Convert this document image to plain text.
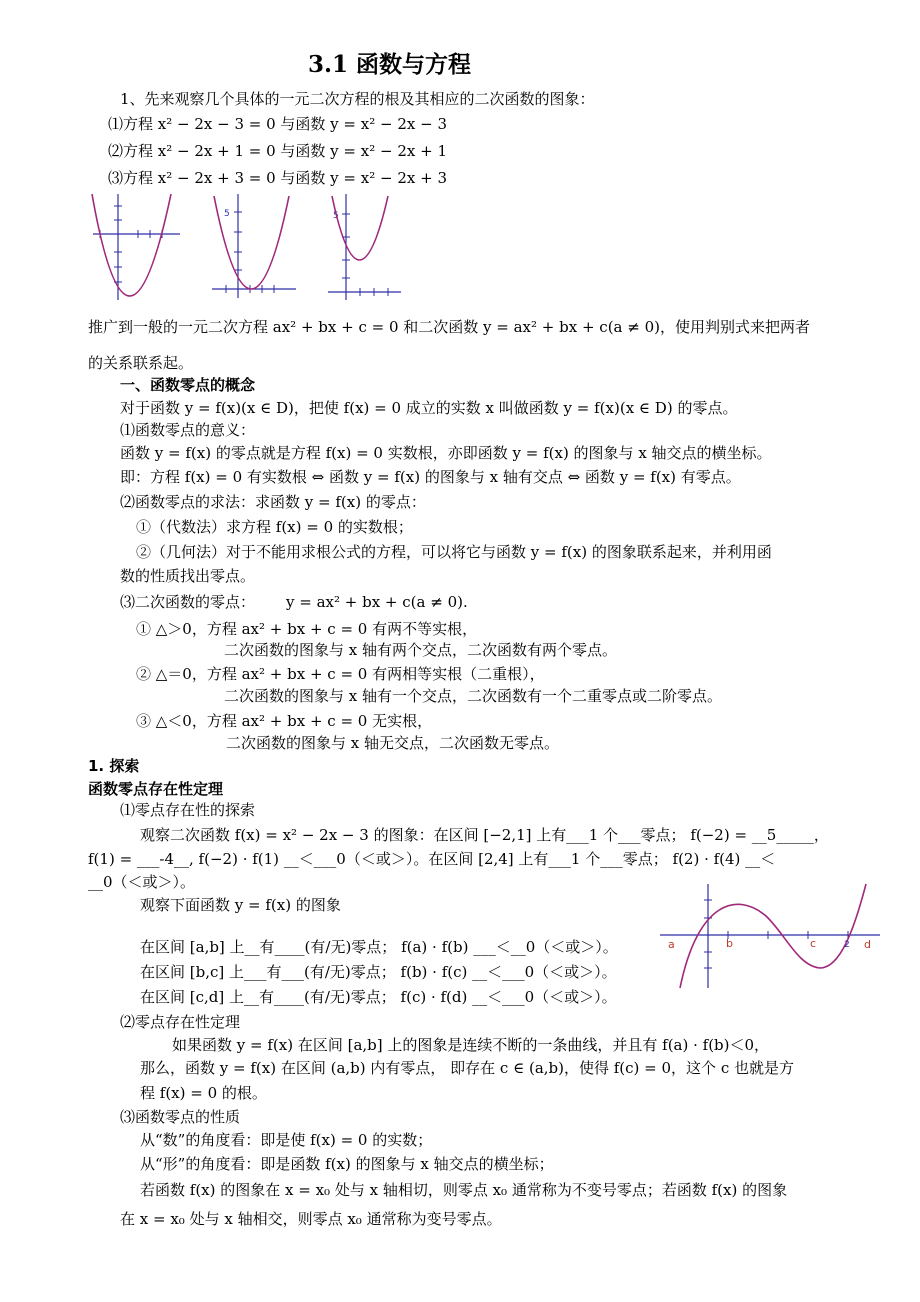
3.1 函数与方程
1、先来观察几个具体的一元二次方程的根及其相应的二次函数的图象：
⑴方程 x² − 2x − 3 = 0 与函数 y = x² − 2x − 3
⑵方程 x² − 2x + 1 = 0 与函数 y = x² − 2x + 1
⑶方程 x² − 2x + 3 = 0 与函数 y = x² − 2x + 3
5	5
推广到一般的一元二次方程 ax² + bx + c = 0 和二次函数 y = ax² + bx + c(a ≠ 0)，使用判别式来把两者
的关系联系起。
一、函数零点的概念
对于函数 y = f(x)(x ∈ D)，把使 f(x) = 0 成立的实数 x 叫做函数 y = f(x)(x ∈ D) 的零点。
⑴函数零点的意义：
函数 y = f(x) 的零点就是方程 f(x) = 0 实数根，亦即函数 y = f(x) 的图象与 x 轴交点的横坐标。
即：方程 f(x) = 0 有实数根 ⇔ 函数 y = f(x) 的图象与 x 轴有交点 ⇔ 函数 y = f(x) 有零点。
⑵函数零点的求法：求函数 y = f(x) 的零点：
①（代数法）求方程 f(x) = 0 的实数根；
②（几何法）对于不能用求根公式的方程，可以将它与函数 y = f(x) 的图象联系起来，并利用函
数的性质找出零点。
⑶二次函数的零点： y = ax² + bx + c(a ≠ 0).
① △＞0，方程 ax² + bx + c = 0 有两不等实根，
二次函数的图象与 x 轴有两个交点，二次函数有两个零点。
② △＝0，方程 ax² + bx + c = 0 有两相等实根（二重根），
二次函数的图象与 x 轴有一个交点，二次函数有一个二重零点或二阶零点。
③ △＜0，方程 ax² + bx + c = 0 无实根，
二次函数的图象与 x 轴无交点，二次函数无零点。
1. 探索
函数零点存在性定理
⑴零点存在性的探索
观察二次函数 f(x) = x² − 2x − 3 的图象：在区间 [−2,1] 上有___1 个___零点； f(−2) = __5_____，
f(1) = ___-4__, f(−2) · f(1) __＜___0（＜或＞）。在区间 [2,4] 上有___1 个___零点； f(2) · f(4) __＜
__0（＜或＞）。
观察下面函数 y = f(x) 的图象
在区间 [a,b] 上__有____(有/无)零点； f(a) · f(b) ___＜__0（＜或＞）。
在区间 [b,c] 上___有___(有/无)零点； f(b) · f(c) __＜___0（＜或＞）。
在区间 [c,d] 上__有____(有/无)零点； f(c) · f(d) __＜___0（＜或＞）。
a	b	c	2 d
⑵零点存在性定理
如果函数 y = f(x) 在区间 [a,b] 上的图象是连续不断的一条曲线，并且有 f(a) · f(b)＜0，
那么，函数 y = f(x) 在区间 (a,b) 内有零点， 即存在 c ∈ (a,b)，使得 f(c) = 0，这个 c 也就是方
程 f(x) = 0 的根。
⑶函数零点的性质
从“数”的角度看：即是使 f(x) = 0 的实数；
从“形”的角度看：即是函数 f(x) 的图象与 x 轴交点的横坐标；
若函数 f(x) 的图象在 x = x₀ 处与 x 轴相切，则零点 x₀ 通常称为不变号零点；若函数 f(x) 的图象
在 x = x₀ 处与 x 轴相交，则零点 x₀ 通常称为变号零点。
